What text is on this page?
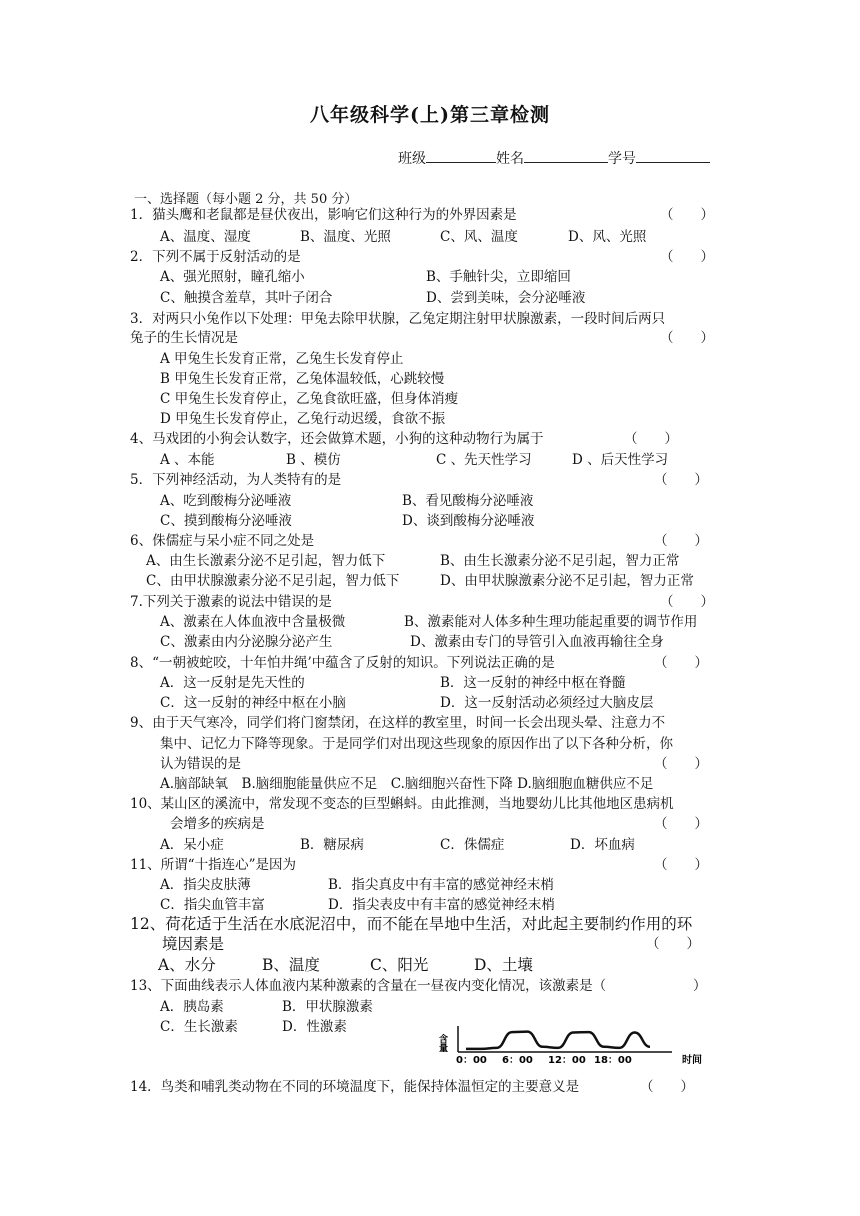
八年级科学(上)第三章检测
班级	姓名	学号
一、选择题（每小题 2 分，共 50 分）
1．猫头鹰和老鼠都是昼伏夜出，影响它们这种行为的外界因素是	（　　）
A、温度、湿度	B、温度、光照	C、风、温度	D、风、光照
2．下列不属于反射活动的是	（　　）
A、强光照射，瞳孔缩小	B、手触针尖，立即缩回
C、触摸含羞草，其叶子闭合	D、尝到美味，会分泌唾液
3．对两只小兔作以下处理：甲兔去除甲状腺，乙兔定期注射甲状腺激素，一段时间后两只
兔子的生长情况是	（　　）
A 甲兔生长发育正常，乙兔生长发育停止
B 甲兔生长发育正常，乙兔体温较低，心跳较慢
C 甲兔生长发育停止，乙兔食欲旺盛，但身体消瘦
D 甲兔生长发育停止，乙兔行动迟缓，食欲不振
4、马戏团的小狗会认数字，还会做算术题，小狗的这种动物行为属于	（　　）
A 、本能	B 、模仿	C 、先天性学习	D 、后天性学习
5．下列神经活动，为人类特有的是	（　　）
A、吃到酸梅分泌唾液	B、看见酸梅分泌唾液
C、摸到酸梅分泌唾液	D、谈到酸梅分泌唾液
6、侏儒症与呆小症不同之处是	（　　）
A、由生长激素分泌不足引起，智力低下	B、由生长激素分泌不足引起，智力正常
C、由甲状腺激素分泌不足引起，智力低下	D、由甲状腺激素分泌不足引起，智力正常
7.下列关于激素的说法中错误的是	（　　）
A、激素在人体血液中含量极微	B、激素能对人体多种生理功能起重要的调节作用
C、激素由内分泌腺分泌产生	D、激素由专门的导管引入血液再输往全身
8、“一朝被蛇咬，十年怕井绳’中蕴含了反射的知识。下列说法正确的是	（　　）
A．这一反射是先天性的	B．这一反射的神经中枢在脊髓
C．这一反射的神经中枢在小脑	D．这一反射活动必须经过大脑皮层
9、由于天气寒冷，同学们将门窗禁闭，在这样的教室里，时间一长会出现头晕、注意力不
集中、记忆力下降等现象。于是同学们对出现这些现象的原因作出了以下各种分析，你
认为错误的是	（　　）
A.脑部缺氧　B.脑细胞能量供应不足　C.脑细胞兴奋性下降 D.脑细胞血糖供应不足
10、某山区的溪流中，常发现不变态的巨型蝌蚪。由此推测，当地婴幼儿比其他地区患病机
会增多的疾病是	（　　）
A．呆小症	B．糖尿病	C．侏儒症	D．坏血病
11、所谓“十指连心”是因为	（　　）
A．指尖皮肤薄	B．指尖真皮中有丰富的感觉神经末梢
C．指尖血管丰富	D．指尖表皮中有丰富的感觉神经末梢
12、荷花适于生活在水底泥沼中，而不能在旱地中生活，对此起主要制约作用的环
境因素是	（　　）
A、水分	B、温度	C、阳光	D、土壤
13、下面曲线表示人体血液内某种激素的含量在一昼夜内变化情况，该激素是（	　　）
A．胰岛素	B．甲状腺激素
C．生长激素	D．性激素
含量
0：00 6：00 12：00 18：00	时间
14．鸟类和哺乳类动物在不同的环境温度下，能保持体温恒定的主要意义是	（　　）
